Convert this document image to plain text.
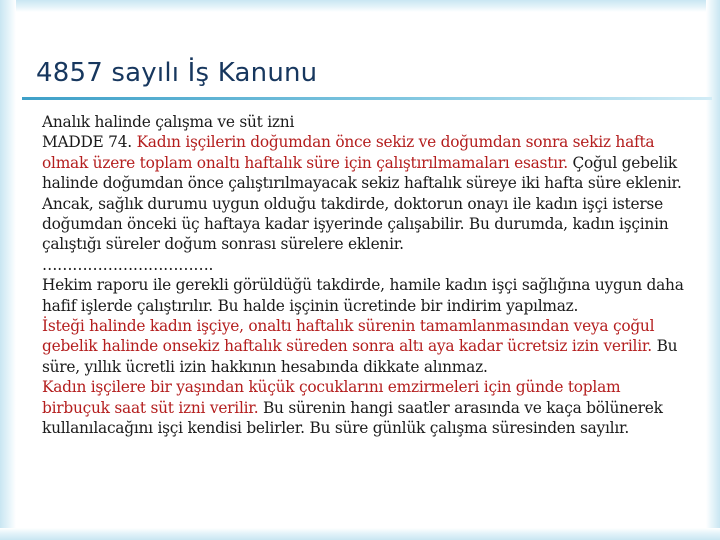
4857 sayılı İş Kanunu

Analık halinde çalışma ve süt izni

MADDE 74. Kadın işçilerin doğumdan önce sekiz ve doğumdan sonra sekiz hafta olmak üzere toplam onaltı haftalık süre için çalıştırılmamaları esastır. Çoğul gebelik halinde doğumdan önce çalıştırılmayacak sekiz haftalık süreye iki hafta süre eklenir. Ancak, sağlık durumu uygun olduğu takdirde, doktorun onayı ile kadın işçi isterse doğumdan önceki üç haftaya kadar işyerinde çalışabilir. Bu durumda, kadın işçinin çalıştığı süreler doğum sonrası sürelere eklenir.

…………………………….

Hekim raporu ile gerekli görüldüğü takdirde, hamile kadın işçi sağlığına uygun daha hafif işlerde çalıştırılır. Bu halde işçinin ücretinde bir indirim yapılmaz.

İsteği halinde kadın işçiye, onaltı haftalık sürenin tamamlanmasından veya çoğul gebelik halinde onsekiz haftalık süreden sonra altı aya kadar ücretsiz izin verilir. Bu süre, yıllık ücretli izin hakkının hesabında dikkate alınmaz.

Kadın işçilere bir yaşından küçük çocuklarını emzirmeleri için günde toplam birbuçuk saat süt izni verilir. Bu sürenin hangi saatler arasında ve kaça bölünerek kullanılacağını işçi kendisi belirler. Bu süre günlük çalışma süresinden sayılır.
